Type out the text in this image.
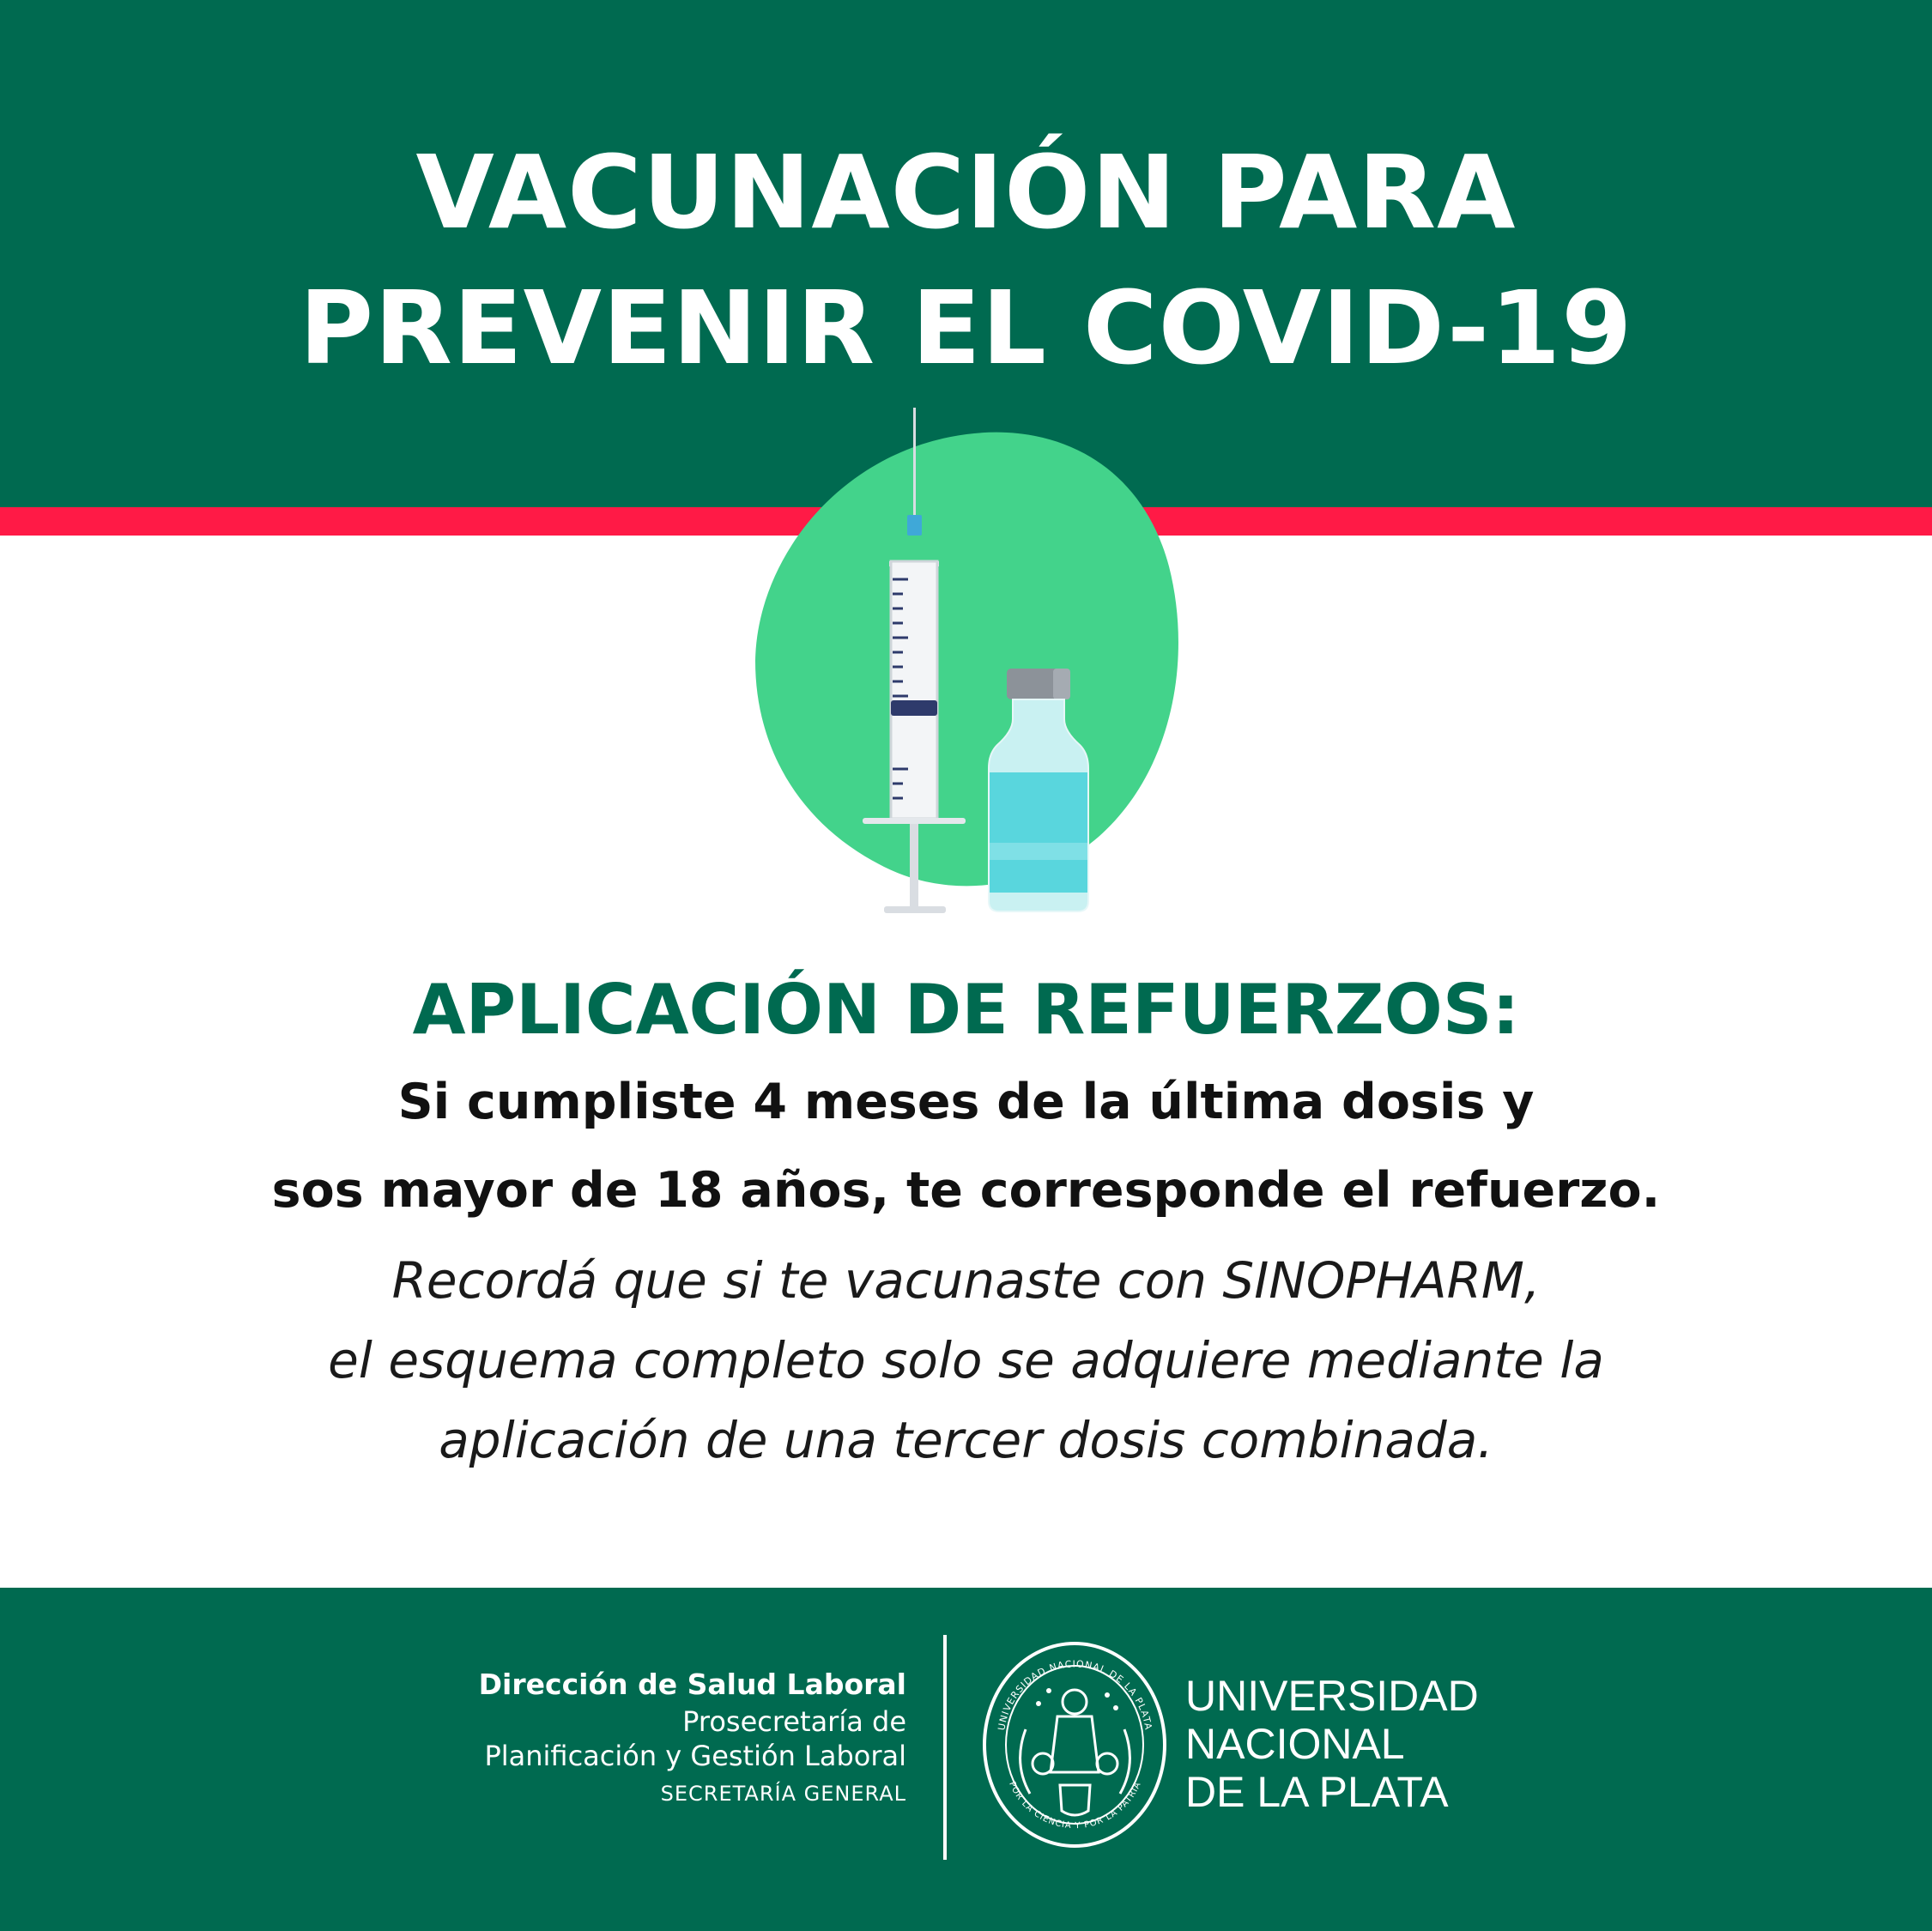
VACUNACIÓN PARA
PREVENIR EL COVID-19
APLICACIÓN DE REFUERZOS:
Si cumpliste 4 meses de la última dosis y
sos mayor de 18 años, te corresponde el refuerzo.
Recordá que si te vacunaste con SINOPHARM,
el esquema completo solo se adquiere mediante la
aplicación de una tercer dosis combinada.
Dirección de Salud Laboral
Prosecretaría de
Planificación y Gestión Laboral
SECRETARÍA GENERAL
UNIVERSIDAD NACIONAL DE LA PLATA
POR LA CIENCIA Y POR LA PATRIA
UNIVERSIDAD
NACIONAL
DE LA PLATA
